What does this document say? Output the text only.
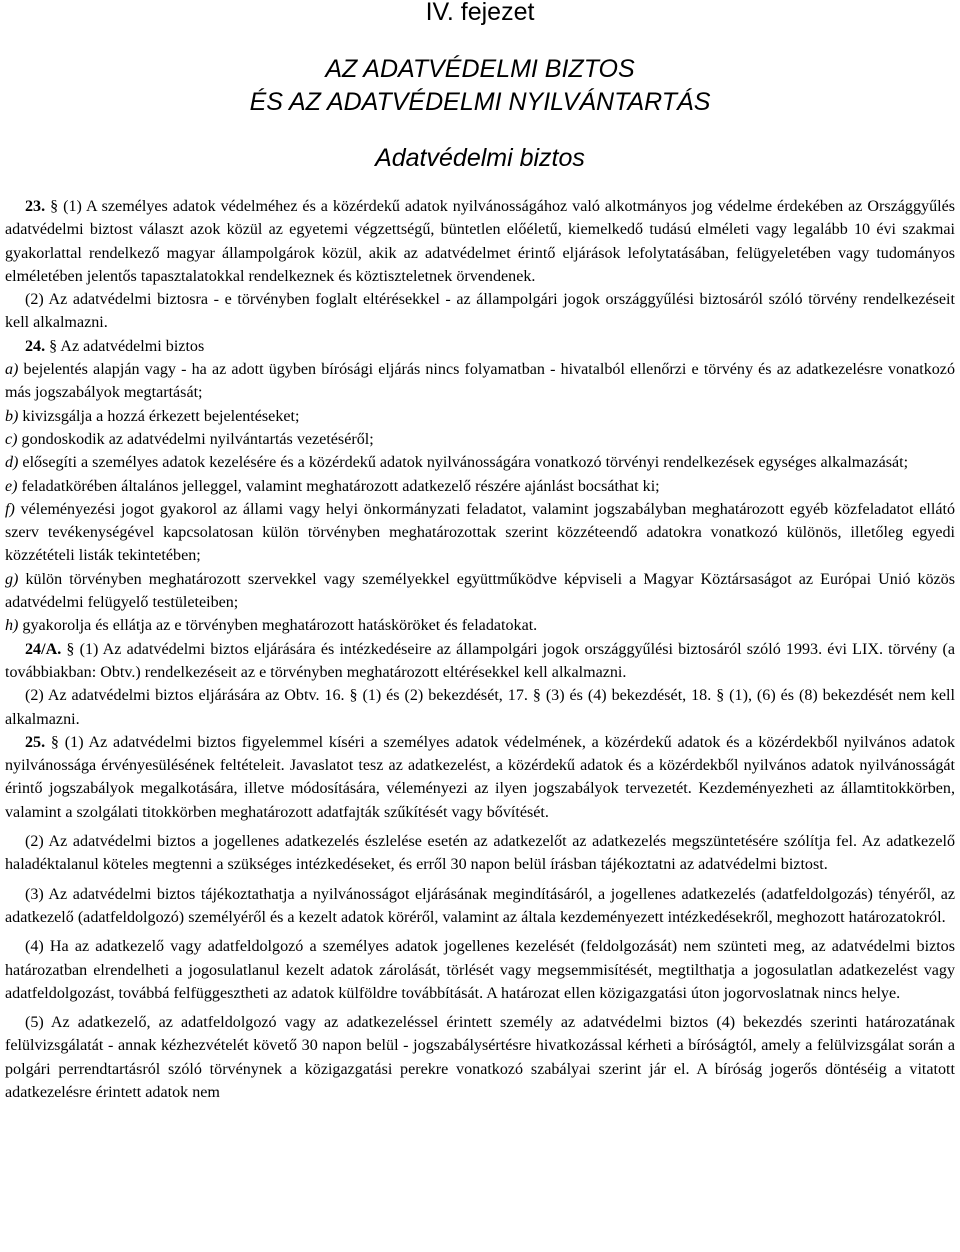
IV. fejezet
AZ ADATVÉDELMI BIZTOS
ÉS AZ ADATVÉDELMI NYILVÁNTARTÁS
Adatvédelmi biztos

23. § (1) A személyes adatok védelméhez és a közérdekű adatok nyilvánosságához való alkotmányos jog védelme érdekében az Országgyűlés adatvédelmi biztost választ azok közül az egyetemi végzettségű, büntetlen előéletű, kiemelkedő tudású elméleti vagy legalább 10 évi szakmai gyakorlattal rendelkező magyar állampolgárok közül, akik az adatvédelmet érintő eljárások lefolytatásában, felügyeletében vagy tudományos elméletében jelentős tapasztalatokkal rendelkeznek és köztiszteletnek örvendenek.

(2) Az adatvédelmi biztosra - e törvényben foglalt eltérésekkel - az állampolgári jogok országgyűlési biztosáról szóló törvény rendelkezéseit kell alkalmazni.

24. § Az adatvédelmi biztos

a) bejelentés alapján vagy - ha az adott ügyben bírósági eljárás nincs folyamatban - hivatalból ellenőrzi e törvény és az adatkezelésre vonatkozó más jogszabályok megtartását;

b) kivizsgálja a hozzá érkezett bejelentéseket;

c) gondoskodik az adatvédelmi nyilvántartás vezetéséről;

d) elősegíti a személyes adatok kezelésére és a közérdekű adatok nyilvánosságára vonatkozó törvényi rendelkezések egységes alkalmazását;

e) feladatkörében általános jelleggel, valamint meghatározott adatkezelő részére ajánlást bocsáthat ki;

f) véleményezési jogot gyakorol az állami vagy helyi önkormányzati feladatot, valamint jogszabályban meghatározott egyéb közfeladatot ellátó szerv tevékenységével kapcsolatosan külön törvényben meghatározottak szerint közzéteendő adatokra vonatkozó különös, illetőleg egyedi közzétételi listák tekintetében;

g) külön törvényben meghatározott szervekkel vagy személyekkel együttműködve képviseli a Magyar Köztársaságot az Európai Unió közös adatvédelmi felügyelő testületeiben;

h) gyakorolja és ellátja az e törvényben meghatározott hatásköröket és feladatokat.

24/A. § (1) Az adatvédelmi biztos eljárására és intézkedéseire az állampolgári jogok országgyűlési biztosáról szóló 1993. évi LIX. törvény (a továbbiakban: Obtv.) rendelkezéseit az e törvényben meghatározott eltérésekkel kell alkalmazni.

(2) Az adatvédelmi biztos eljárására az Obtv. 16. § (1) és (2) bekezdését, 17. § (3) és (4) bekezdését, 18. § (1), (6) és (8) bekezdését nem kell alkalmazni.

25. § (1) Az adatvédelmi biztos figyelemmel kíséri a személyes adatok védelmének, a közérdekű adatok és a közérdekből nyilvános adatok nyilvánossága érvényesülésének feltételeit. Javaslatot tesz az adatkezelést, a közérdekű adatok és a közérdekből nyilvános adatok nyilvánosságát érintő jogszabályok megalkotására, illetve módosítására, véleményezi az ilyen jogszabályok tervezetét. Kezdeményezheti az államtitokkörben, valamint a szolgálati titokkörben meghatározott adatfajták szűkítését vagy bővítését.

(2) Az adatvédelmi biztos a jogellenes adatkezelés észlelése esetén az adatkezelőt az adatkezelés megszüntetésére szólítja fel. Az adatkezelő haladéktalanul köteles megtenni a szükséges intézkedéseket, és erről 30 napon belül írásban tájékoztatni az adatvédelmi biztost.

(3) Az adatvédelmi biztos tájékoztathatja a nyilvánosságot eljárásának megindításáról, a jogellenes adatkezelés (adatfeldolgozás) tényéről, az adatkezelő (adatfeldolgozó) személyéről és a kezelt adatok köréről, valamint az általa kezdeményezett intézkedésekről, meghozott határozatokról.

(4) Ha az adatkezelő vagy adatfeldolgozó a személyes adatok jogellenes kezelését (feldolgozását) nem szünteti meg, az adatvédelmi biztos határozatban elrendelheti a jogosulatlanul kezelt adatok zárolását, törlését vagy megsemmisítését, megtilthatja a jogosulatlan adatkezelést vagy adatfeldolgozást, továbbá felfüggesztheti az adatok külföldre továbbítását. A határozat ellen közigazgatási úton jogorvoslatnak nincs helye.

(5) Az adatkezelő, az adatfeldolgozó vagy az adatkezeléssel érintett személy az adatvédelmi biztos (4) bekezdés szerinti határozatának felülvizsgálatát - annak kézhezvételét követő 30 napon belül - jogszabálysértésre hivatkozással kérheti a bíróságtól, amely a felülvizsgálat során a polgári perrendtartásról szóló törvénynek a közigazgatási perekre vonatkozó szabályai szerint jár el. A bíróság jogerős döntéséig a vitatott adatkezelésre érintett adatok nem
